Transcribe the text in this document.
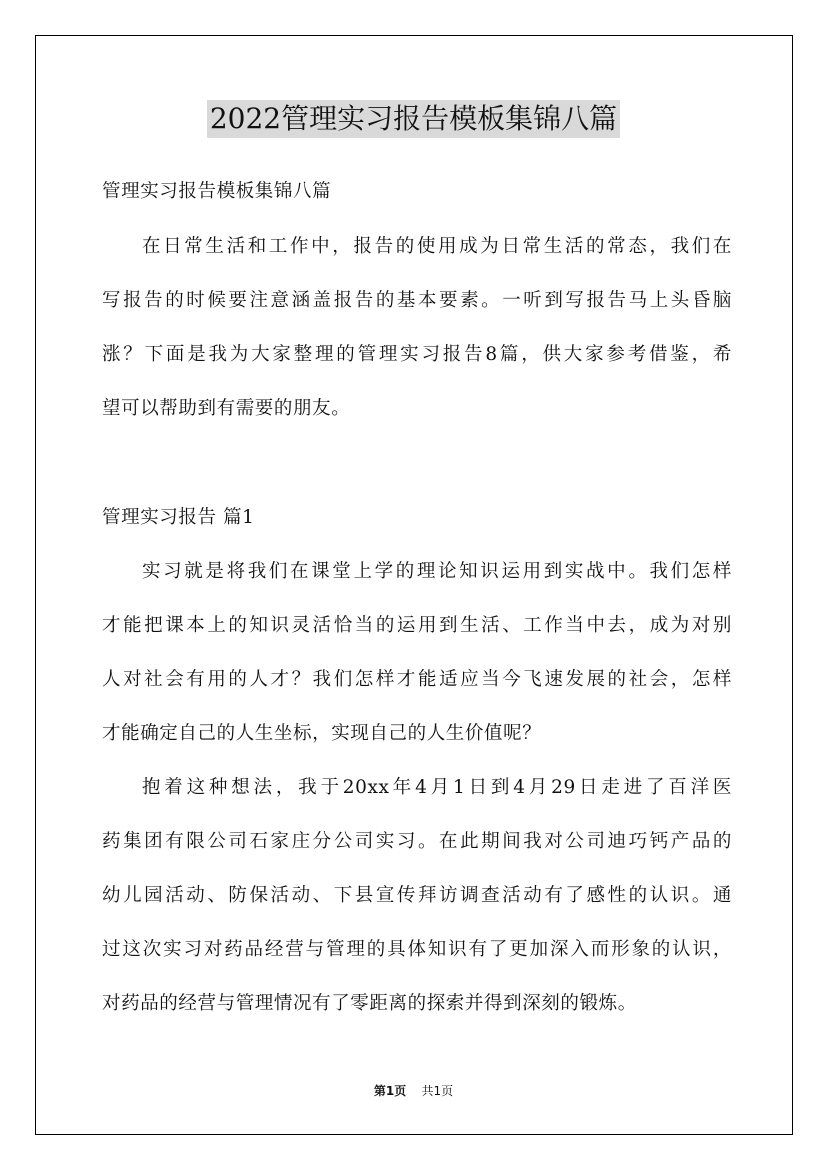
2022管理实习报告模板集锦八篇

管理实习报告模板集锦八篇

在日常生活和工作中，报告的使用成为日常生活的常态，我们在

写报告的时候要注意涵盖报告的基本要素。一听到写报告马上头昏脑

涨？下面是我为大家整理的管理实习报告8篇，供大家参考借鉴，希

望可以帮助到有需要的朋友。

管理实习报告 篇1

实习就是将我们在课堂上学的理论知识运用到实战中。我们怎样

才能把课本上的知识灵活恰当的运用到生活、工作当中去，成为对别

人对社会有用的人才？我们怎样才能适应当今飞速发展的社会，怎样

才能确定自己的人生坐标，实现自己的人生价值呢？

抱着这种想法，我于20xx年4月1日到4月29日走进了百洋医

药集团有限公司石家庄分公司实习。在此期间我对公司迪巧钙产品的

幼儿园活动、防保活动、下县宣传拜访调查活动有了感性的认识。通

过这次实习对药品经营与管理的具体知识有了更加深入而形象的认识，

对药品的经营与管理情况有了零距离的探索并得到深刻的锻炼。

第1页 共1页
